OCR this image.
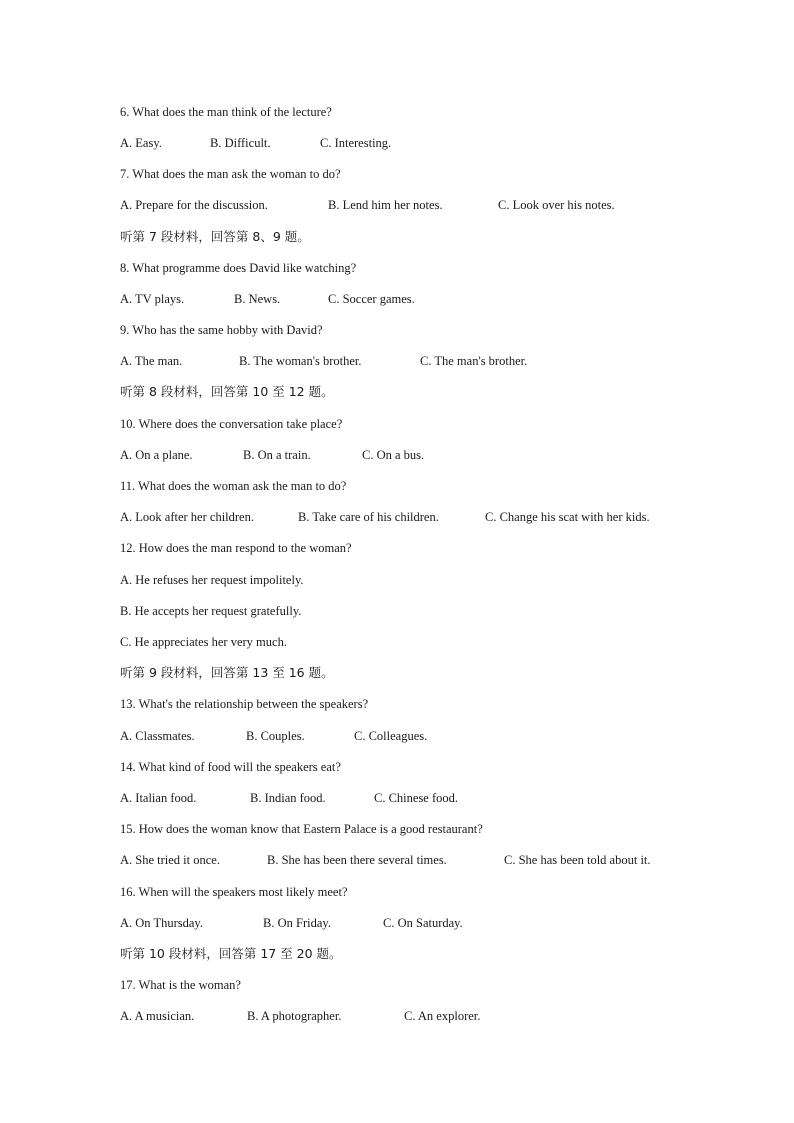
6. What does the man think of the lecture?
A. Easy.	B. Difficult.	C. Interesting.
7. What does the man ask the woman to do?
A. Prepare for the discussion.	B. Lend him her notes.	C. Look over his notes.
听第 7 段材料，回答第 8、9 题。
8. What programme does David like watching?
A. TV plays.	B. News.	C. Soccer games.
9. Who has the same hobby with David?
A. The man.	B. The woman's brother.	C. The man's brother.
听第 8 段材料，回答第 10 至 12 题。
10. Where does the conversation take place?
A. On a plane.	B. On a train.	C. On a bus.
11. What does the woman ask the man to do?
A. Look after her children.	B. Take care of his children.	C. Change his scat with her kids.
12. How does the man respond to the woman?
A. He refuses her request impolitely.
B. He accepts her request gratefully.
C. He appreciates her very much.
听第 9 段材料，回答第 13 至 16 题。
13. What's the relationship between the speakers?
A. Classmates.	B. Couples.	C. Colleagues.
14. What kind of food will the speakers eat?
A. Italian food.	B. Indian food.	C. Chinese food.
15. How does the woman know that Eastern Palace is a good restaurant?
A. She tried it once.	B. She has been there several times.	C. She has been told about it.
16. When will the speakers most likely meet?
A. On Thursday.	B. On Friday.	C. On Saturday.
听第 10 段材料，回答第 17 至 20 题。
17. What is the woman?
A. A musician.	B. A photographer.	C. An explorer.
